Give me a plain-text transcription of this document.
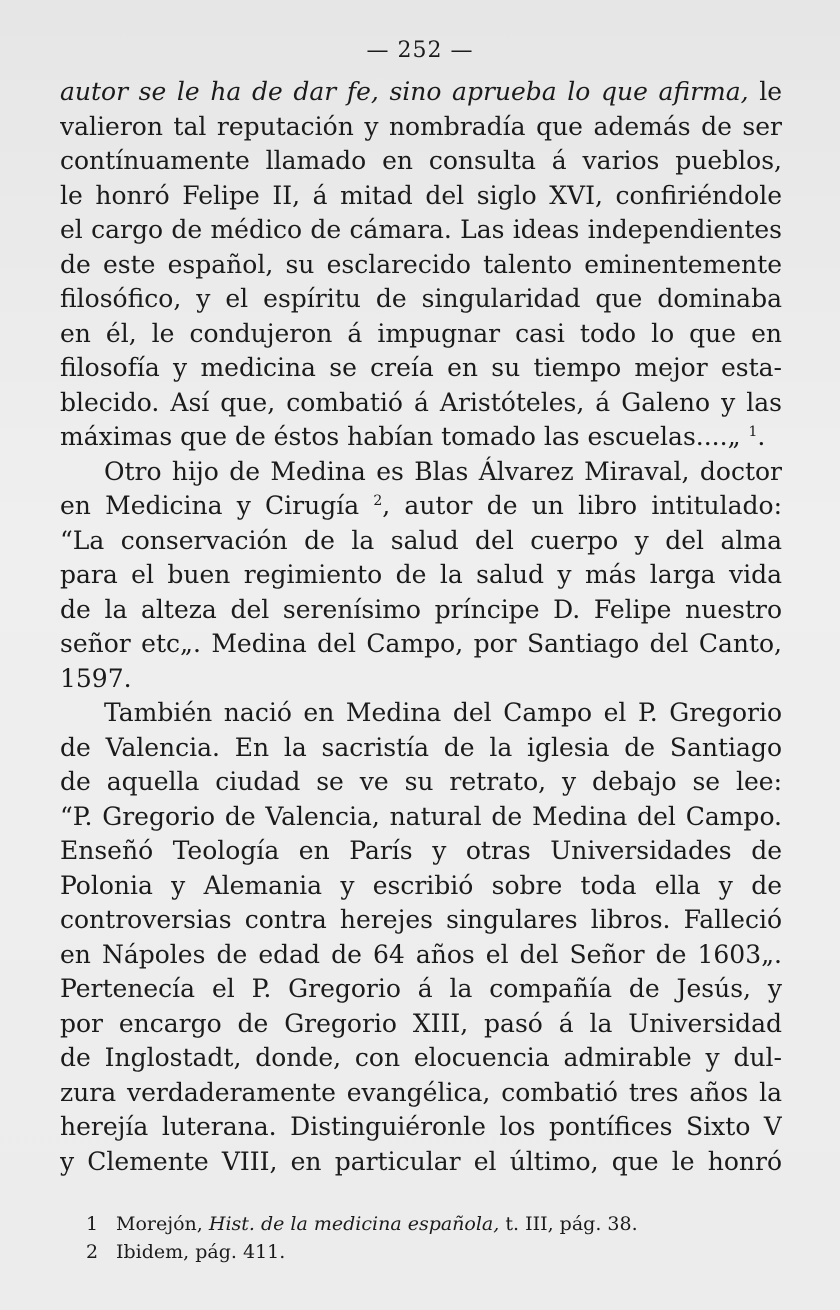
— 252 —
autor se le ha de dar fe, sino aprueba lo que afirma, le
valieron tal reputación y nombradía que además de ser
contínuamente llamado en consulta á varios pueblos,
le honró Felipe II, á mitad del siglo XVI, confiriéndole
el cargo de médico de cámara. Las ideas independientes
de este español, su esclarecido talento eminentemente
filosófico, y el espíritu de singularidad que dominaba
en él, le condujeron á impugnar casi todo lo que en
filosofía y medicina se creía en su tiempo mejor esta-
blecido. Así que, combatió á Aristóteles, á Galeno y las
máximas que de éstos habían tomado las escuelas....„ $^1$.
Otro hijo de Medina es Blas Álvarez Miraval, doctor
en Medicina y Cirugía $^2$, autor de un libro intitulado:
“La conservación de la salud del cuerpo y del alma
para el buen regimiento de la salud y más larga vida
de la alteza del serenísimo príncipe D. Felipe nuestro
señor etc„. Medina del Campo, por Santiago del Canto,
1597.
También nació en Medina del Campo el P. Gregorio
de Valencia. En la sacristía de la iglesia de Santiago
de aquella ciudad se ve su retrato, y debajo se lee:
“P. Gregorio de Valencia, natural de Medina del Campo.
Enseñó Teología en París y otras Universidades de
Polonia y Alemania y escribió sobre toda ella y de
controversias contra herejes singulares libros. Falleció
en Nápoles de edad de 64 años el del Señor de 1603„.
Pertenecía el P. Gregorio á la compañía de Jesús, y
por encargo de Gregorio XIII, pasó á la Universidad
de Inglostadt, donde, con elocuencia admirable y dul-
zura verdaderamente evangélica, combatió tres años la
herejía luterana. Distinguiéronle los pontífices Sixto V
y Clemente VIII, en particular el último, que le honró
1 Morejón, Hist. de la medicina española, t. III, pág. 38.
2 Ibidem, pág. 411.
